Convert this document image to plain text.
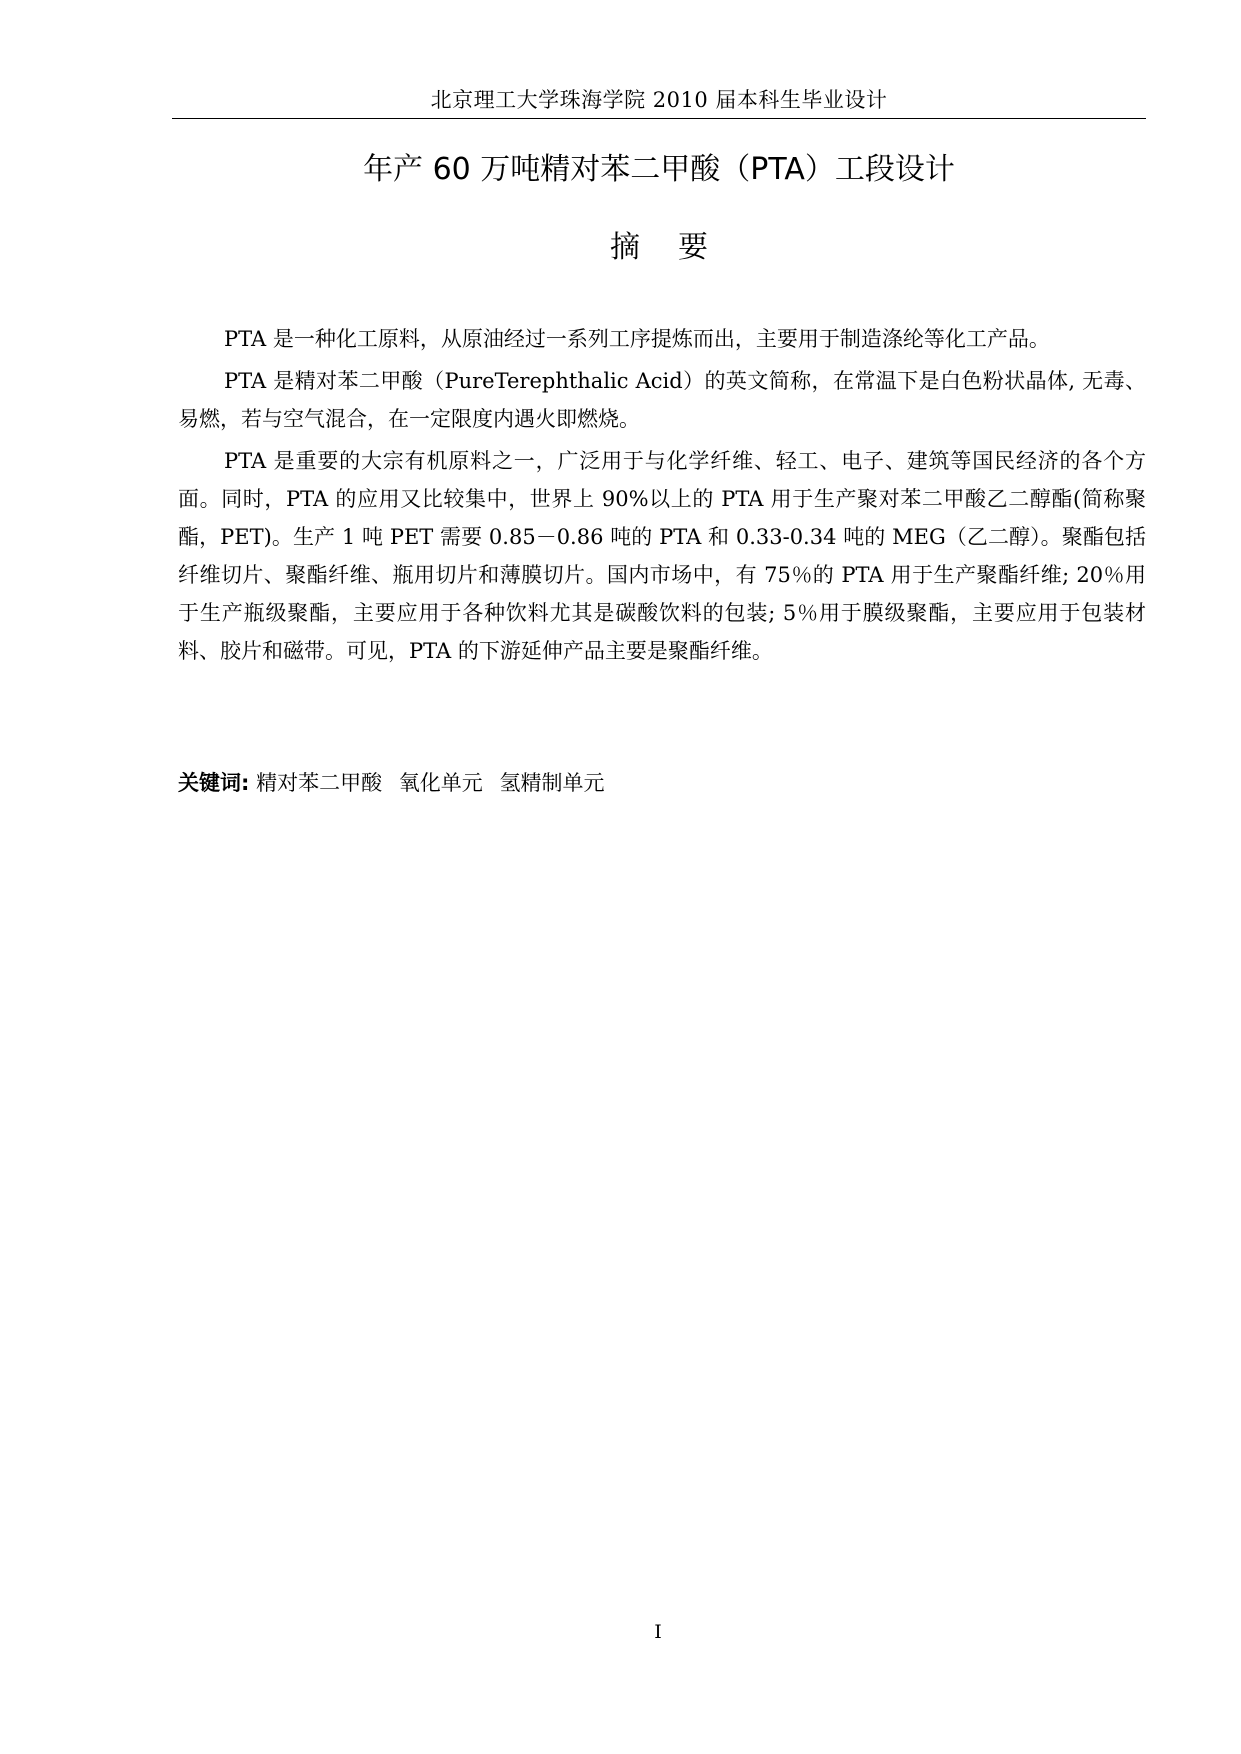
北京理工大学珠海学院 2010 届本科生毕业设计
年产 60 万吨精对苯二甲酸（PTA）工段设计
摘要

PTA 是一种化工原料，从原油经过一系列工序提炼而出，主要用于制造涤纶等化工产品。

PTA 是精对苯二甲酸（PureTerephthalic Acid）的英文简称，在常温下是白色粉状晶体, 无毒、易燃，若与空气混合，在一定限度内遇火即燃烧。

PTA 是重要的大宗有机原料之一，广泛用于与化学纤维、轻工、电子、建筑等国民经济的各个方面。同时，PTA 的应用又比较集中，世界上 90%以上的 PTA 用于生产聚对苯二甲酸乙二醇酯(简称聚酯，PET)。生产 1 吨 PET 需要 0.85－0.86 吨的 PTA 和 0.33-0.34 吨的 MEG（乙二醇）。聚酯包括纤维切片、聚酯纤维、瓶用切片和薄膜切片。国内市场中，有 75％的 PTA 用于生产聚酯纤维; 20％用于生产瓶级聚酯，主要应用于各种饮料尤其是碳酸饮料的包装; 5％用于膜级聚酯，主要应用于包装材料、胶片和磁带。可见，PTA 的下游延伸产品主要是聚酯纤维。

关键词: 精对苯二甲酸 氧化单元 氢精制单元
I
